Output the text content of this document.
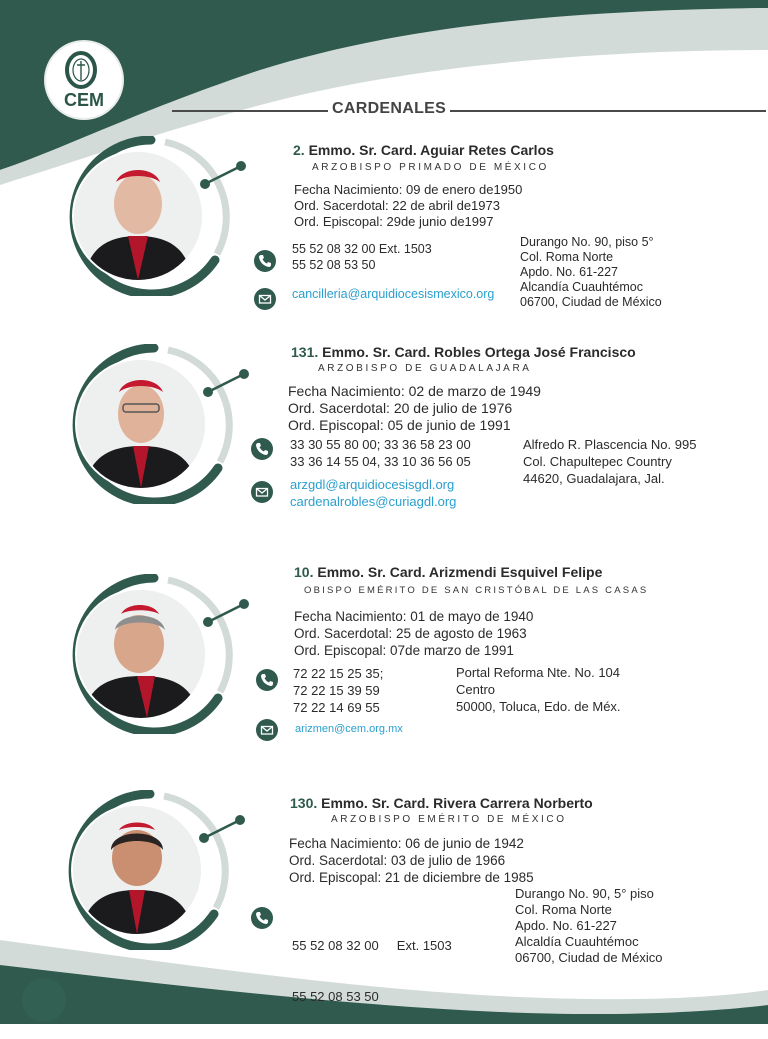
CEM	CARDENALES
2. Emmo. Sr. Card. Aguiar Retes Carlos
ARZOBISPO PRIMADO DE MÉXICO
Fecha Nacimiento: 09 de enero de1950
Ord. Sacerdotal: 22 de abril de1973
Ord. Episcopal: 29de junio de1997
55 52 08 32 00 Ext. 1503
55 52 08 53 50
cancilleria@arquidiocesismexico.org
Durango No. 90, piso 5°
Col. Roma Norte
Apdo. No. 61-227
Alcandía Cuauhtémoc
06700, Ciudad de México
131. Emmo. Sr. Card. Robles Ortega José Francisco
ARZOBISPO DE GUADALAJARA
Fecha Nacimiento: 02 de marzo de 1949
Ord. Sacerdotal: 20 de julio de 1976
Ord. Episcopal: 05 de junio de 1991
33 30 55 80 00; 33 36 58 23 00
33 36 14 55 04, 33 10 36 56 05
arzgdl@arquidiocesisgdl.org
cardenalrobles@curiagdl.org
Alfredo R. Plascencia No. 995
Col. Chapultepec Country
44620, Guadalajara, Jal.
10. Emmo. Sr. Card. Arizmendi Esquivel Felipe
OBISPO EMÉRITO DE SAN CRISTÓBAL DE LAS CASAS
Fecha Nacimiento: 01 de mayo de 1940
Ord. Sacerdotal: 25 de agosto de 1963
Ord. Episcopal: 07de marzo de 1991
72 22 15 25 35;
72 22 15 39 59
72 22 14 69 55
arizmen@cem.org.mx
Portal Reforma Nte. No. 104
Centro
50000, Toluca, Edo. de Méx.
130. Emmo. Sr. Card. Rivera Carrera Norberto
ARZOBISPO EMÉRITO DE MÉXICO
Fecha Nacimiento: 06 de junio de 1942
Ord. Sacerdotal: 03 de julio de 1966
Ord. Episcopal: 21 de diciembre de 1985

55 52 08 32 00     Ext. 1503

55 52 08 53 50

Durango No. 90, 5° piso
Col. Roma Norte
Apdo. No. 61-227
Alcaldía Cuauhtémoc
06700, Ciudad de México
